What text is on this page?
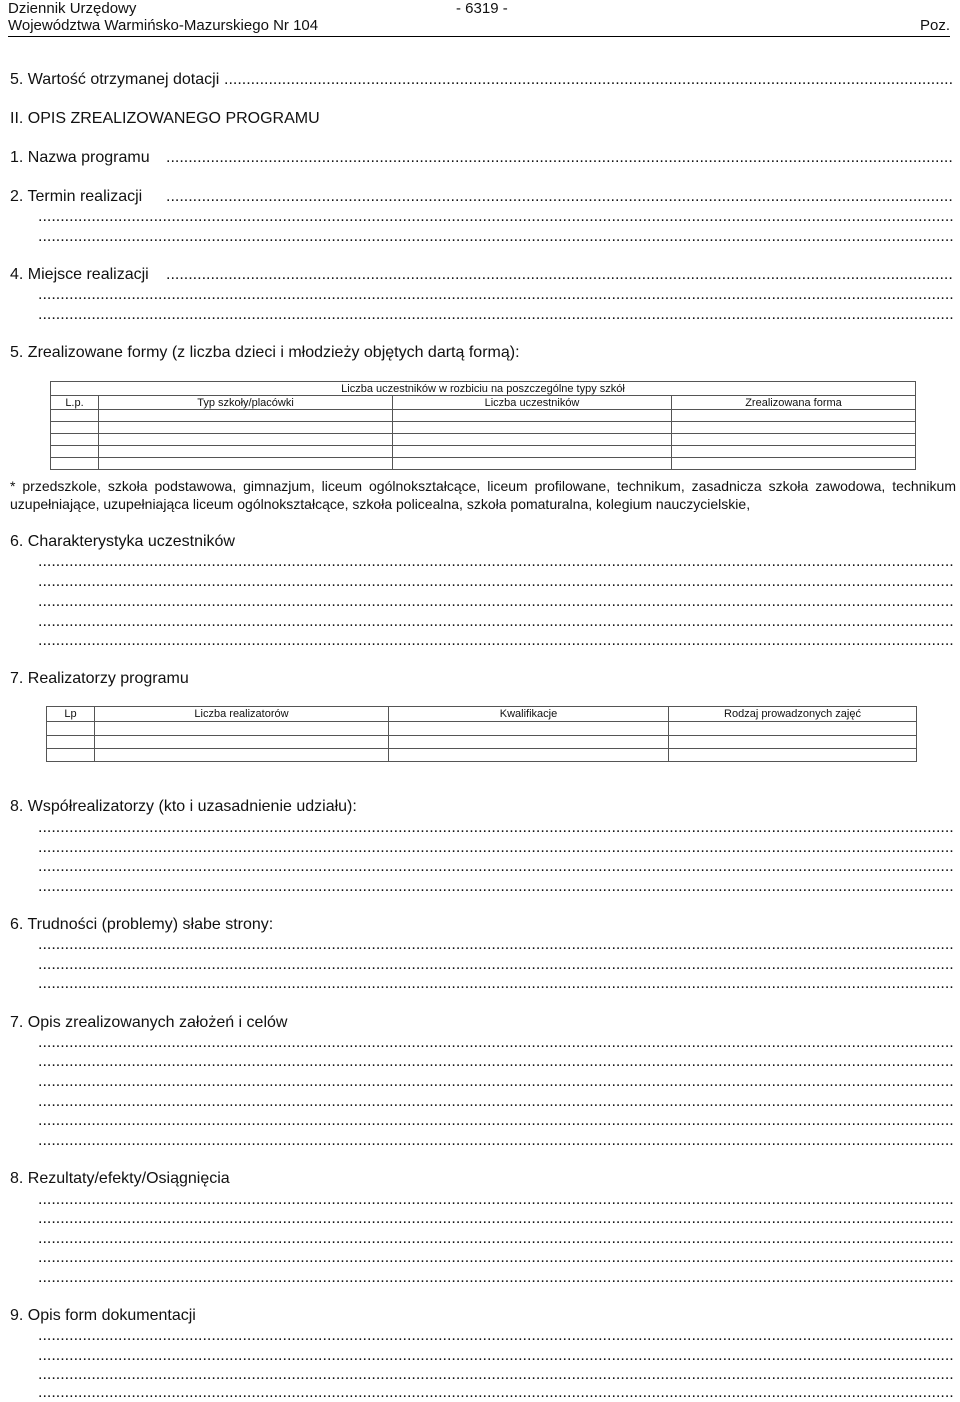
Dziennik Urzędowy
Województwa Warmińsko-Mazurskiego Nr 104
- 6319 -
Poz.
5. Wartość otrzymanej dotacji
.....
II. OPIS ZREALIZOWANEGO PROGRAMU
1. Nazwa programu
.....
2. Termin realizacji
.....
.....
.....
4. Miejsce realizacji
.....
.....
.....
5. Zrealizowane formy (z liczba dzieci i młodzieży objętych dartą formą):
Liczba uczestników w rozbiciu na poszczególne typy szkół			
L.p.	Typ szkoły/placówki	Liczba uczestników	Zrealizowana forma

* przedszkole, szkoła podstawowa, gimnazjum, liceum ogólnokształcące, liceum profilowane, technikum, zasadnicza szkoła zawodowa, technikum uzupełniające, uzupełniająca liceum ogólnokształcące, szkoła policealna, szkoła pomaturalna, kolegium nauczycielskie,
6. Charakterystyka uczestników
.....
.....
.....
.....
.....
7. Realizatorzy programu
Lp	Liczba realizatorów	Kwalifikacje	Rodzaj prowadzonych zajęć

8. Współrealizatorzy (kto i uzasadnienie udziału):
.....
.....
.....
.....
6. Trudności (problemy) słabe strony:
.....
.....
.....
7. Opis zrealizowanych założeń i celów
.....
.....
.....
.....
.....
.....
8. Rezultaty/efekty/Osiągnięcia
.....
.....
.....
.....
.....
9. Opis form dokumentacji
.....
.....
.....
.....
